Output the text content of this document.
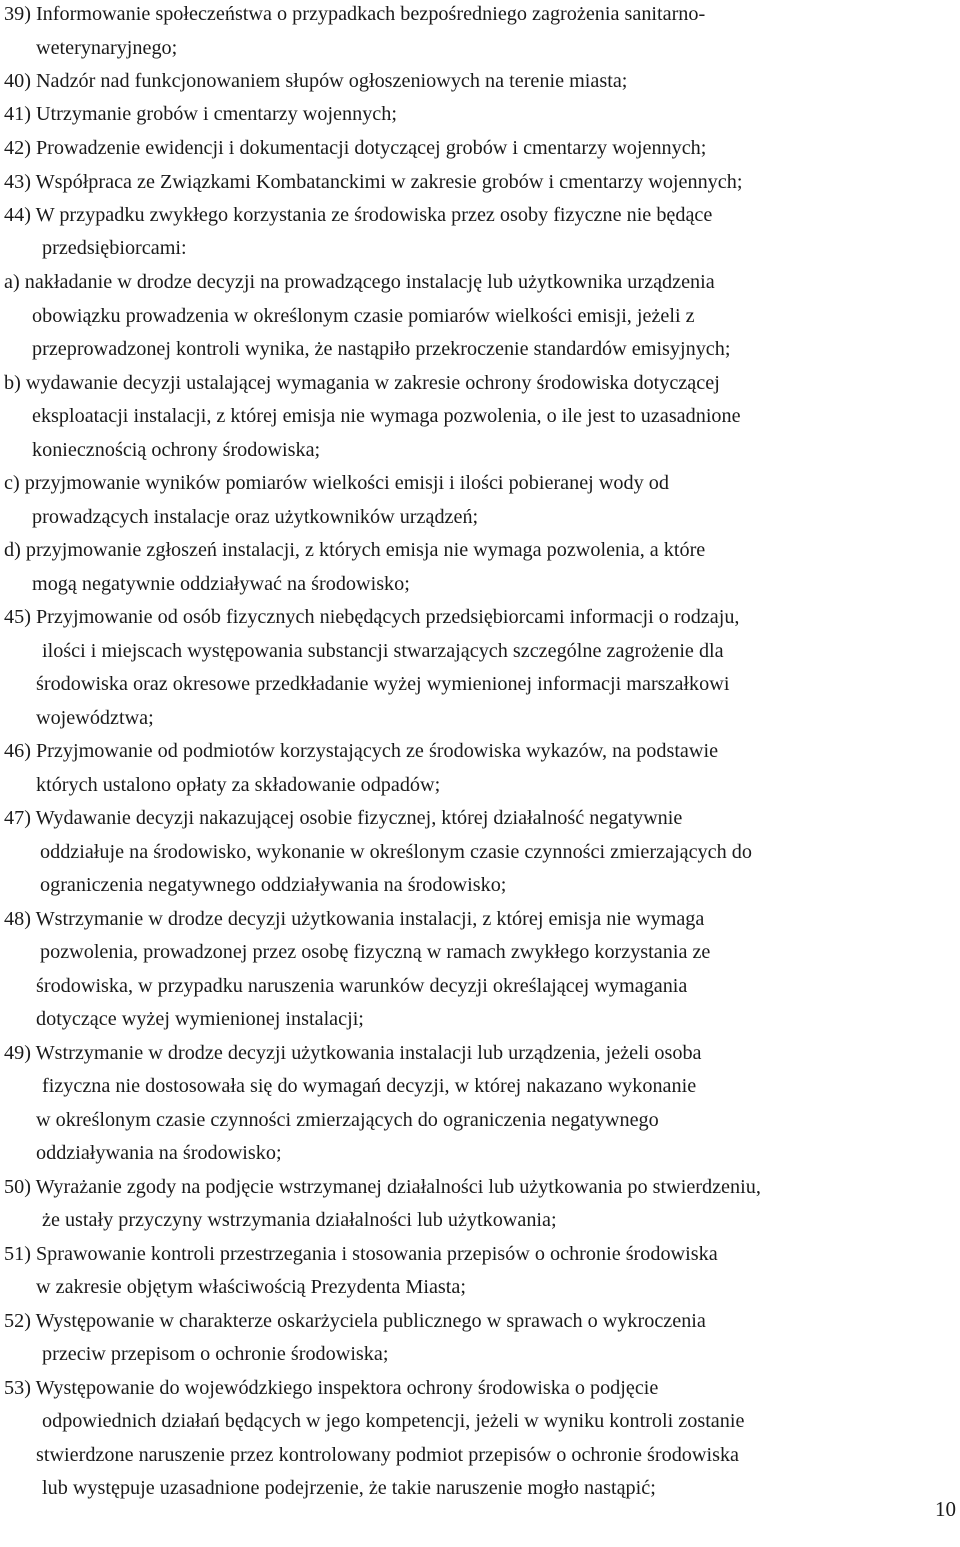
39) Informowanie społeczeństwa o przypadkach bezpośredniego zagrożenia sanitarno-
weterynaryjnego;
40) Nadzór nad funkcjonowaniem słupów ogłoszeniowych na terenie miasta;
41) Utrzymanie grobów i cmentarzy wojennych;
42) Prowadzenie ewidencji i dokumentacji dotyczącej grobów i cmentarzy wojennych;
43) Współpraca ze Związkami Kombatanckimi w zakresie grobów i cmentarzy wojennych;
44) W przypadku zwykłego korzystania ze środowiska przez osoby fizyczne nie będące
przedsiębiorcami:
a) nakładanie w drodze decyzji na prowadzącego instalację lub użytkownika urządzenia
obowiązku prowadzenia w określonym czasie pomiarów wielkości emisji, jeżeli z
przeprowadzonej kontroli wynika, że nastąpiło przekroczenie standardów emisyjnych;
b) wydawanie decyzji ustalającej wymagania w zakresie ochrony środowiska dotyczącej
eksploatacji instalacji, z której emisja nie wymaga pozwolenia, o ile jest to uzasadnione
koniecznością ochrony środowiska;
c) przyjmowanie wyników pomiarów wielkości emisji i ilości pobieranej wody od
prowadzących instalacje oraz użytkowników urządzeń;
d) przyjmowanie zgłoszeń instalacji, z których emisja nie wymaga pozwolenia, a które
mogą negatywnie oddziaływać na środowisko;
45) Przyjmowanie od osób fizycznych niebędących przedsiębiorcami informacji o rodzaju,
ilości i miejscach występowania substancji stwarzających szczególne zagrożenie dla
środowiska oraz okresowe przedkładanie wyżej wymienionej informacji marszałkowi
województwa;
46) Przyjmowanie od podmiotów korzystających ze środowiska wykazów, na podstawie
których ustalono opłaty za składowanie odpadów;
47) Wydawanie decyzji nakazującej osobie fizycznej, której działalność negatywnie
oddziałuje na środowisko, wykonanie w określonym czasie czynności zmierzających do
ograniczenia negatywnego oddziaływania na środowisko;
48) Wstrzymanie w drodze decyzji użytkowania instalacji, z której emisja nie wymaga
pozwolenia, prowadzonej przez osobę fizyczną w ramach zwykłego korzystania ze
środowiska, w przypadku naruszenia warunków decyzji określającej wymagania
dotyczące wyżej wymienionej instalacji;
49) Wstrzymanie w drodze decyzji użytkowania instalacji lub urządzenia, jeżeli osoba
fizyczna nie dostosowała się do wymagań decyzji, w której nakazano wykonanie
w określonym czasie czynności zmierzających do ograniczenia negatywnego
oddziaływania na środowisko;
50) Wyrażanie zgody na podjęcie wstrzymanej działalności lub użytkowania po stwierdzeniu,
że ustały przyczyny wstrzymania działalności lub użytkowania;
51) Sprawowanie kontroli przestrzegania i stosowania przepisów o ochronie środowiska
w zakresie objętym właściwością Prezydenta Miasta;
52) Występowanie w charakterze oskarżyciela publicznego w sprawach o wykroczenia
przeciw przepisom o ochronie środowiska;
53) Występowanie do wojewódzkiego inspektora ochrony środowiska o podjęcie
odpowiednich działań będących w jego kompetencji, jeżeli w wyniku kontroli zostanie
stwierdzone naruszenie przez kontrolowany podmiot przepisów o ochronie środowiska
lub występuje uzasadnione podejrzenie, że takie naruszenie mogło nastąpić;
10
